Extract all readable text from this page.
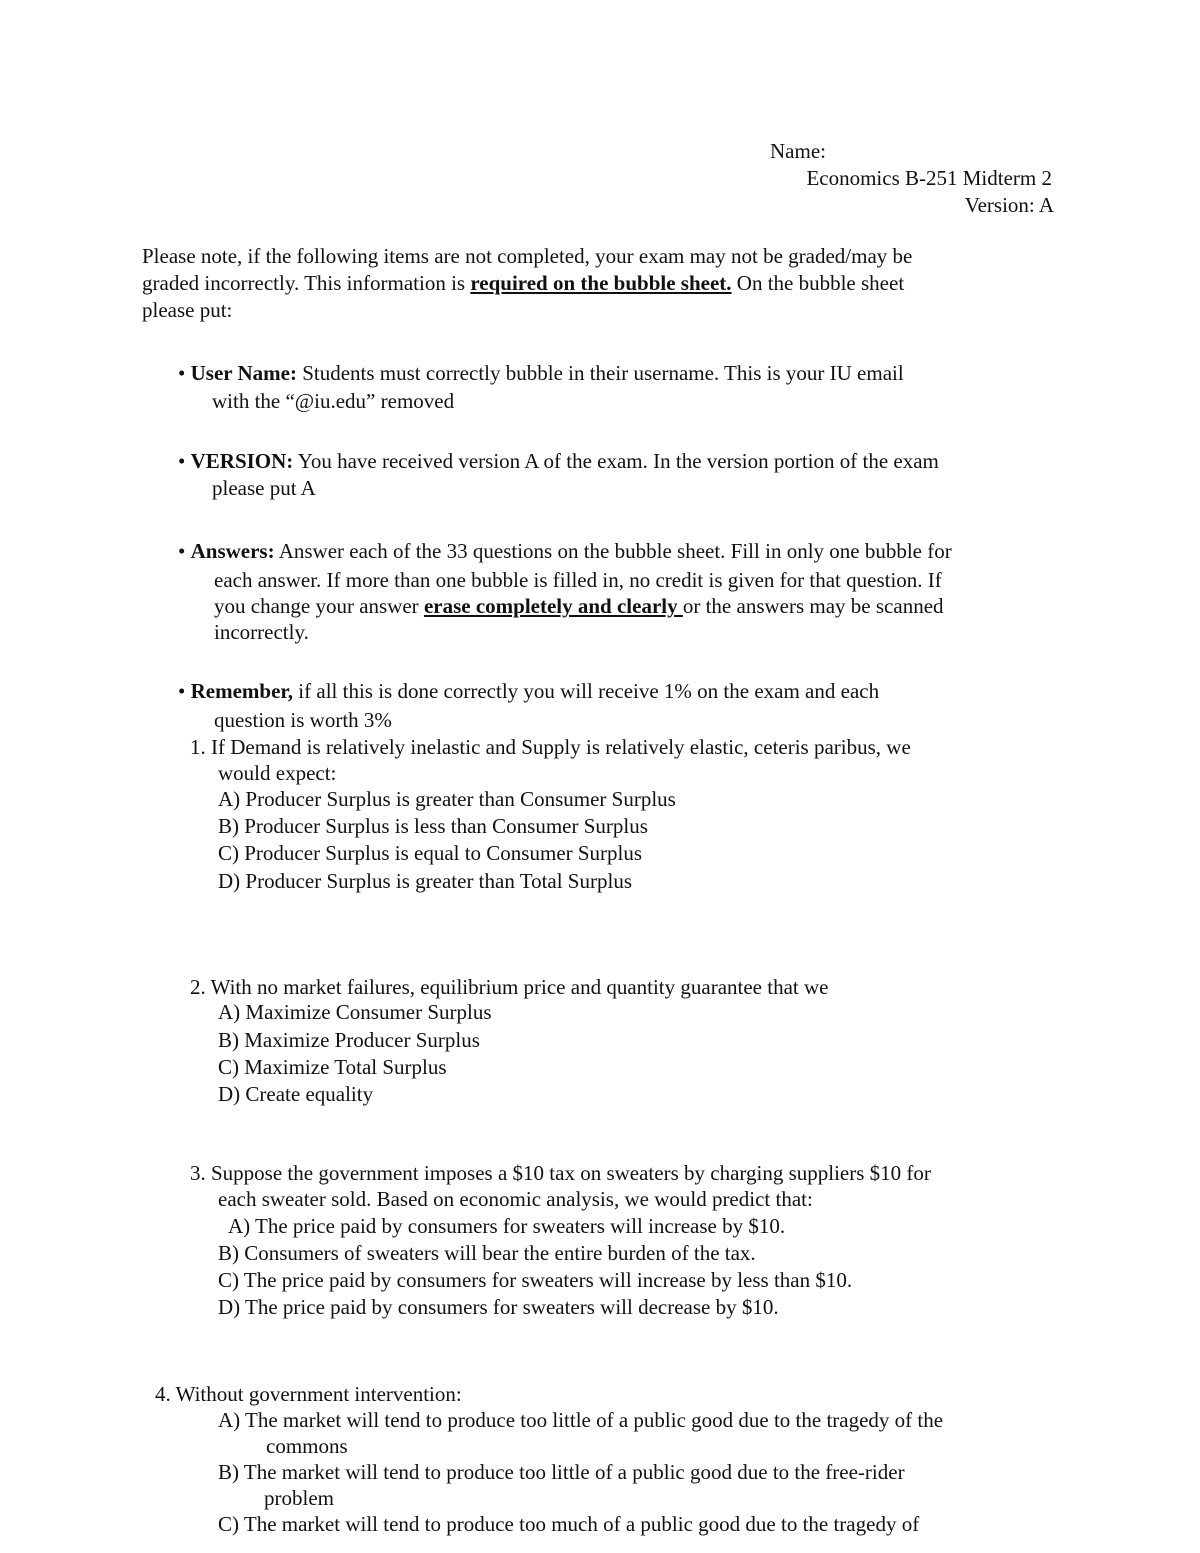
Name:
Economics B-251 Midterm 2
Version: A
Please note, if the following items are not completed, your exam may not be graded/may be
graded incorrectly. This information is required on the bubble sheet. On the bubble sheet
please put:
• User Name: Students must correctly bubble in their username. This is your IU email
with the “@iu.edu” removed
• VERSION: You have received version A of the exam. In the version portion of the exam
please put A
• Answers: Answer each of the 33 questions on the bubble sheet. Fill in only one bubble for
each answer. If more than one bubble is filled in, no credit is given for that question. If
you change your answer erase completely and clearly or the answers may be scanned
incorrectly.
• Remember, if all this is done correctly you will receive 1% on the exam and each
question is worth 3%
1. If Demand is relatively inelastic and Supply is relatively elastic, ceteris paribus, we
would expect:
A) Producer Surplus is greater than Consumer Surplus
B) Producer Surplus is less than Consumer Surplus
C) Producer Surplus is equal to Consumer Surplus
D) Producer Surplus is greater than Total Surplus
2. With no market failures, equilibrium price and quantity guarantee that we
A) Maximize Consumer Surplus
B) Maximize Producer Surplus
C) Maximize Total Surplus
D) Create equality
3. Suppose the government imposes a $10 tax on sweaters by charging suppliers $10 for
each sweater sold. Based on economic analysis, we would predict that:
A) The price paid by consumers for sweaters will increase by $10.
B) Consumers of sweaters will bear the entire burden of the tax.
C) The price paid by consumers for sweaters will increase by less than $10.
D) The price paid by consumers for sweaters will decrease by $10.
4. Without government intervention:
A) The market will tend to produce too little of a public good due to the tragedy of the
commons
B) The market will tend to produce too little of a public good due to the free-rider
problem
C) The market will tend to produce too much of a public good due to the tragedy of
